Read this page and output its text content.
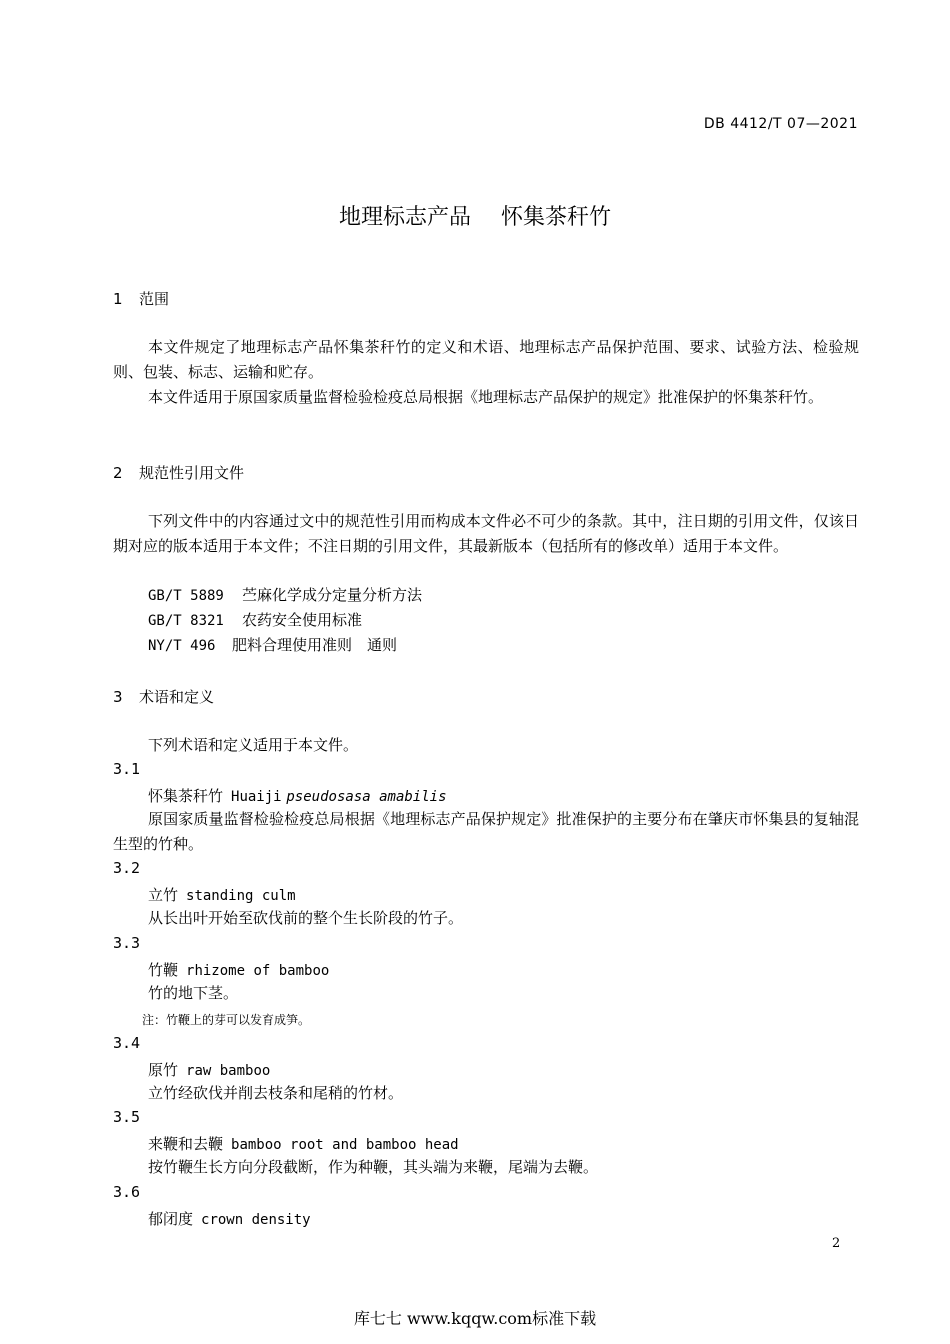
DB 4412/T 07—2021
地理标志产品 怀集茶秆竹
1 范围
本文件规定了地理标志产品怀集茶秆竹的定义和术语、地理标志产品保护范围、要求、试验方法、检验规则、包装、标志、运输和贮存。
本文件适用于原国家质量监督检验检疫总局根据《地理标志产品保护的规定》批准保护的怀集茶秆竹。
2 规范性引用文件
下列文件中的内容通过文中的规范性引用而构成本文件必不可少的条款。其中，注日期的引用文件，仅该日期对应的版本适用于本文件；不注日期的引用文件，其最新版本（包括所有的修改单）适用于本文件。
GB/T 5889 苎麻化学成分定量分析方法
GB/T 8321 农药安全使用标准
NY/T 496 肥料合理使用准则　通则
3 术语和定义
下列术语和定义适用于本文件。
3.1
怀集茶秆竹 Huaiji pseudosasa amabilis
原国家质量监督检验检疫总局根据《地理标志产品保护规定》批准保护的主要分布在肇庆市怀集县的复轴混生型的竹种。
3.2
立竹 standing culm
从长出叶开始至砍伐前的整个生长阶段的竹子。
3.3
竹鞭 rhizome of bamboo
竹的地下茎。
注：竹鞭上的芽可以发育成笋。
3.4
原竹 raw bamboo
立竹经砍伐并削去枝条和尾稍的竹材。
3.5
来鞭和去鞭 bamboo root and bamboo head
按竹鞭生长方向分段截断，作为种鞭，其头端为来鞭，尾端为去鞭。
3.6
郁闭度 crown density
2
库七七 www.kqqw.com标准下载
